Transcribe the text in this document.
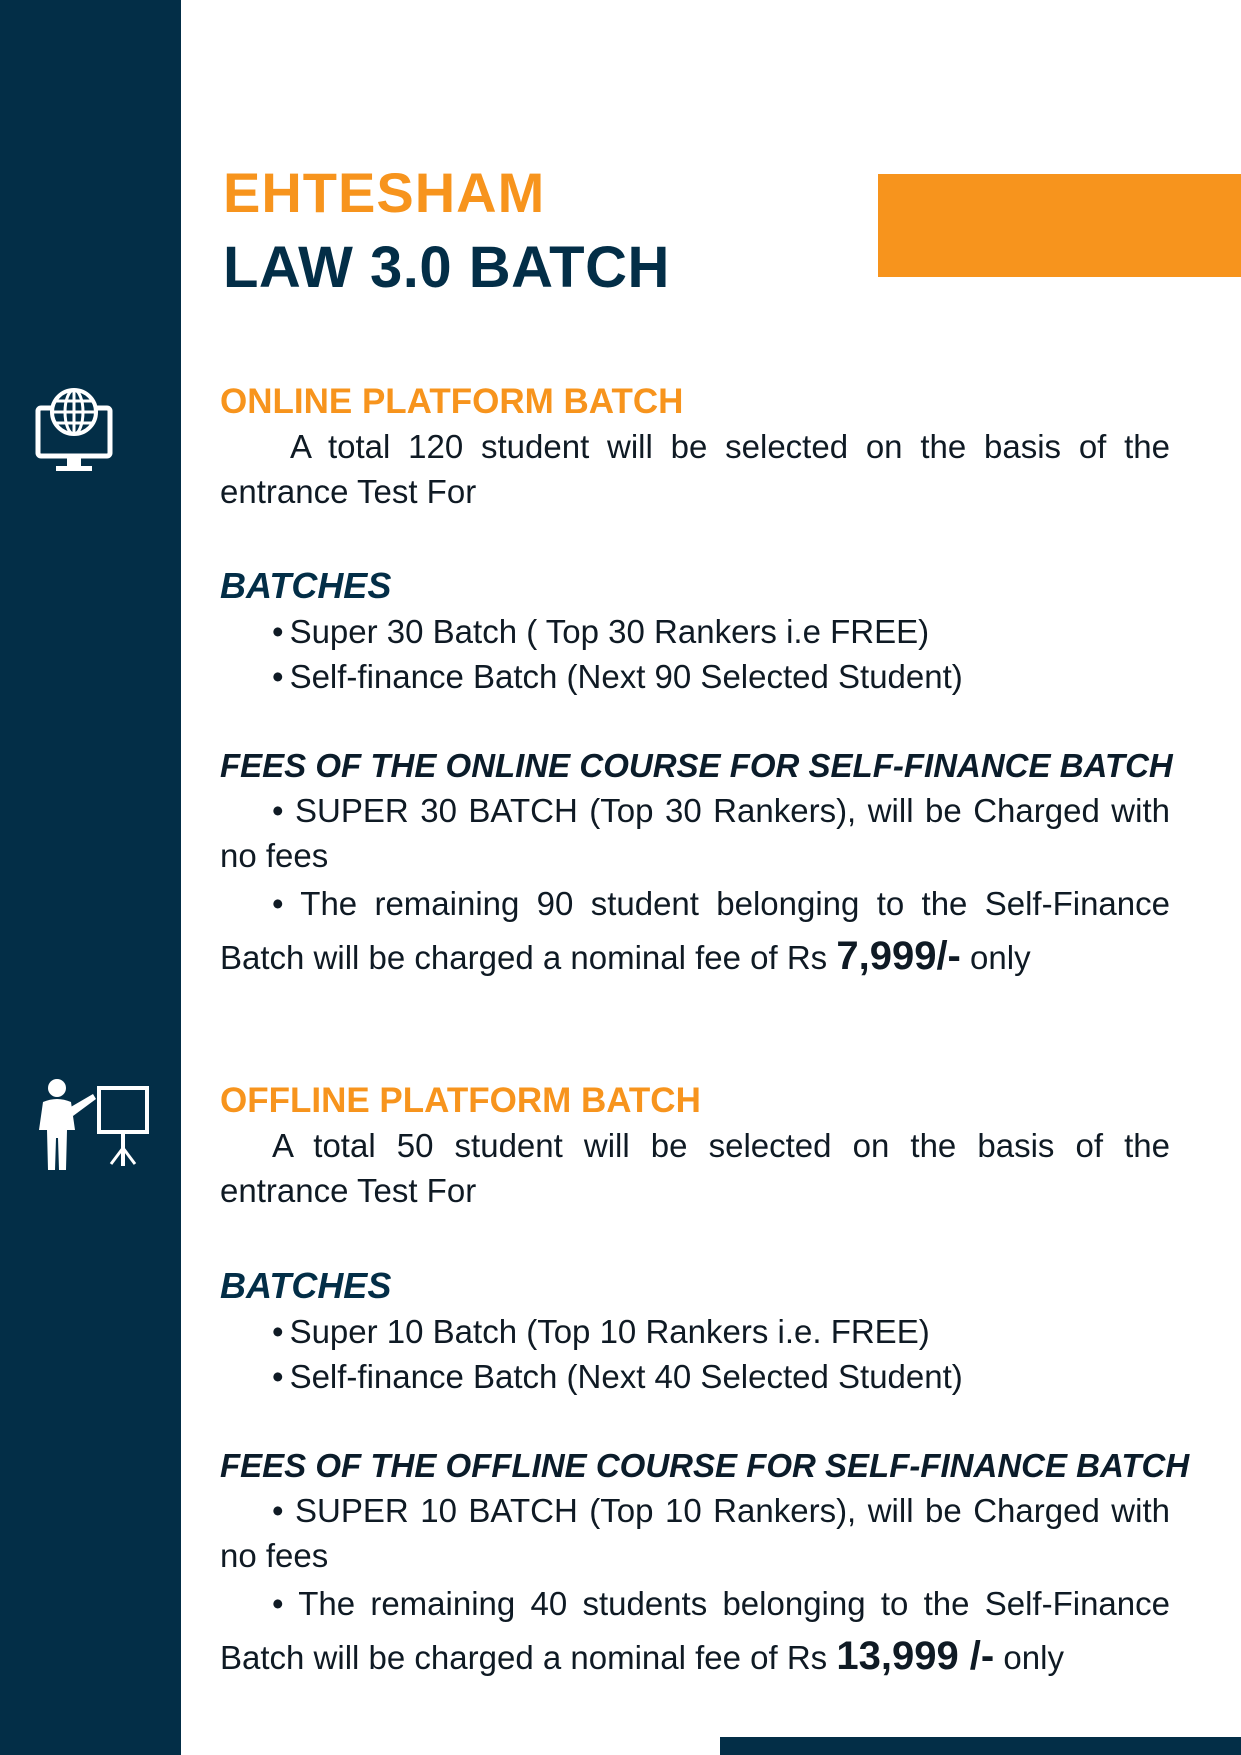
EHTESHAM
LAW 3.0 BATCH

ONLINE PLATFORM BATCH

A total 120 student will be selected on the basis of the entrance Test For

BATCHES

• Super 30 Batch ( Top 30 Rankers i.e FREE)
• Self-finance Batch (Next 90 Selected Student)

FEES OF THE ONLINE COURSE FOR SELF-FINANCE BATCH

• SUPER 30 BATCH (Top 30 Rankers), will be Charged with no fees

• The remaining 90 student belonging to the Self-Finance Batch will be charged a nominal fee of Rs 7,999/- only

OFFLINE PLATFORM BATCH

A total 50 student will be selected on the basis of the entrance Test For

BATCHES

• Super 10 Batch (Top 10 Rankers i.e. FREE)
• Self-finance Batch (Next 40 Selected Student)

FEES OF THE OFFLINE COURSE FOR SELF-FINANCE BATCH

• SUPER 10 BATCH (Top 10 Rankers), will be Charged with no fees

• The remaining 40 students belonging to the Self-Finance Batch will be charged a nominal fee of Rs 13,999 /- only
